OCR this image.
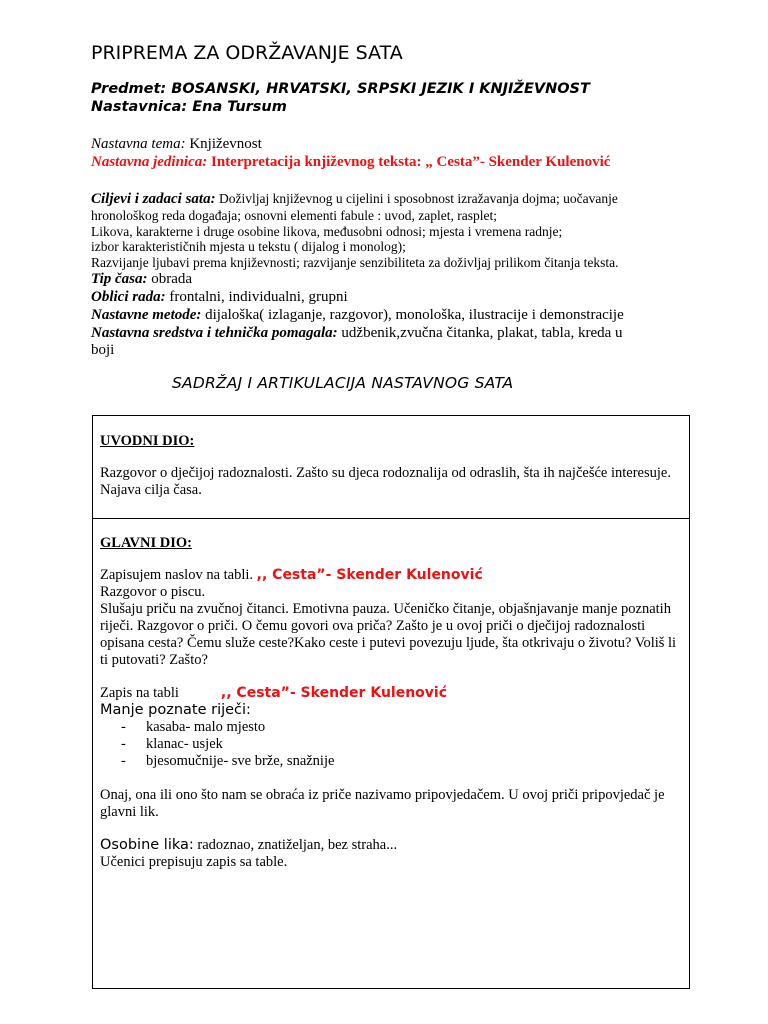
PRIPREMA ZA ODRŽAVANJE SATA
Predmet: BOSANSKI, HRVATSKI, SRPSKI JEZIK I KNJIŽEVNOST
Nastavnica: Ena Tursum
Nastavna tema: Književnost
Nastavna jedinica: Interpretacija književnog teksta: „ Cesta”- Skender Kulenović
Ciljevi i zadaci sata: Doživljaj književnog u cijelini i sposobnost izražavanja dojma; uočavanje
hronološkog reda događaja; osnovni elementi fabule : uvod, zaplet, rasplet;
Likova, karakterne i druge osobine likova, međusobni odnosi; mjesta i vremena radnje;
izbor karakterističnih mjesta u tekstu ( dijalog i monolog);
Razvijanje ljubavi prema književnosti; razvijanje senzibiliteta za doživljaj prilikom čitanja teksta.
Tip časa: obrada
Oblici rada: frontalni, individualni, grupni
Nastavne metode: dijaloška( izlaganje, razgovor), monološka, ilustracije i demonstracije
Nastavna sredstva i tehnička pomagala: udžbenik,zvučna čitanka, plakat, tabla, kreda u
boji
SADRŽAJ I ARTIKULACIJA NASTAVNOG SATA
UVODNI DIO:
Razgovor o dječijoj radoznalosti. Zašto su djeca rodoznalija od odraslih, šta ih najčešće interesuje.
Najava cilja časa.
GLAVNI DIO:
Zapisujem naslov na tabli. ,, Cesta”- Skender Kulenović
Razgovor o piscu.
Slušaju priču na zvučnoj čitanci. Emotivna pauza. Učeničko čitanje, objašnjavanje manje poznatih riječi. Razgovor o priči. O čemu govori ova priča? Zašto je u ovoj priči o dječijoj radoznalosti opisana cesta? Čemu služe ceste?Kako ceste i putevi povezuju ljude, šta otkrivaju o životu? Voliš li ti putovati? Zašto?
Zapis na tabli	,, Cesta”- Skender Kulenović
Manje poznate riječi:
- kasaba- malo mjesto
- klanac- usjek
- bjesomučnije- sve brže, snažnije
Onaj, ona ili ono što nam se obraća iz priče nazivamo pripovjedačem. U ovoj priči pripovjedač je glavni lik.
Osobine lika: radoznao, znatiželjan, bez straha...
Učenici prepisuju zapis sa table.
